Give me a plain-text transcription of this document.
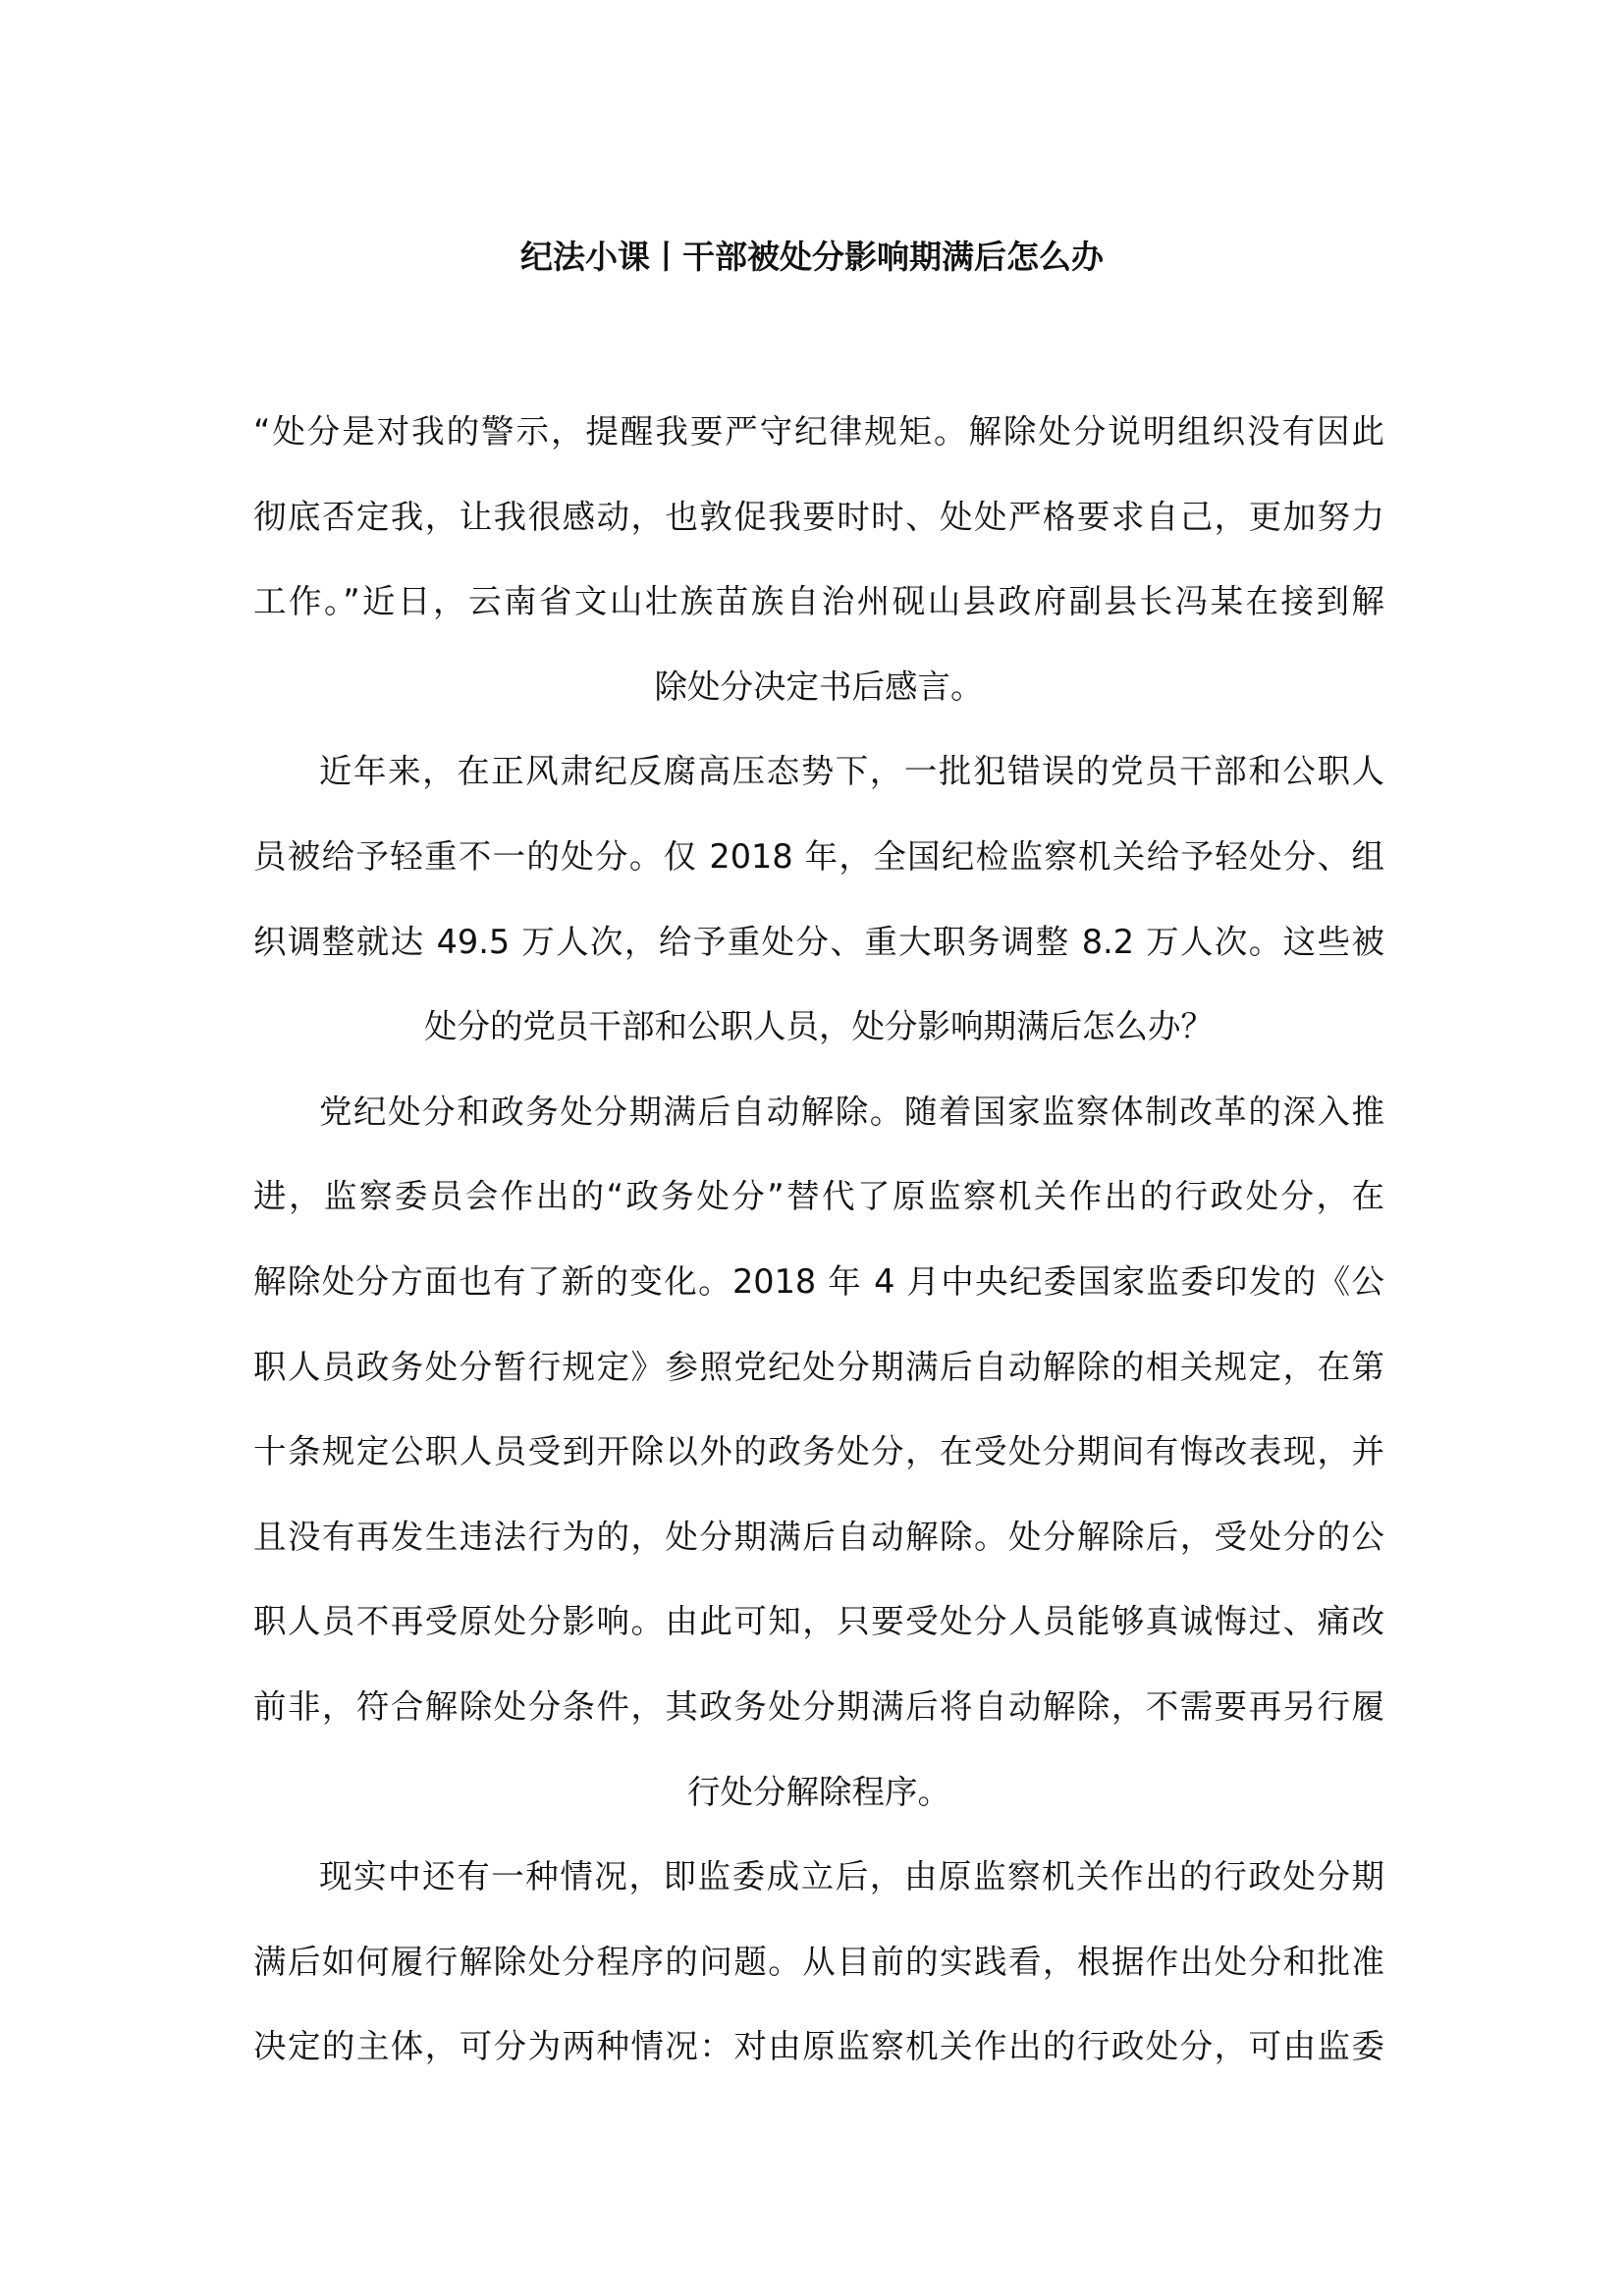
纪法小课丨干部被处分影响期满后怎么办
“处分是对我的警示，提醒我要严守纪律规矩。解除处分说明组织没有因此
彻底否定我，让我很感动，也敦促我要时时、处处严格要求自己，更加努力
工作。”近日，云南省文山壮族苗族自治州砚山县政府副县长冯某在接到解
除处分决定书后感言。
近年来，在正风肃纪反腐高压态势下，一批犯错误的党员干部和公职人
员被给予轻重不一的处分。仅 2018 年，全国纪检监察机关给予轻处分、组
织调整就达 49.5 万人次，给予重处分、重大职务调整 8.2 万人次。这些被
处分的党员干部和公职人员，处分影响期满后怎么办？
党纪处分和政务处分期满后自动解除。随着国家监察体制改革的深入推
进，监察委员会作出的“政务处分”替代了原监察机关作出的行政处分，在
解除处分方面也有了新的变化。2018 年 4 月中央纪委国家监委印发的《公
职人员政务处分暂行规定》参照党纪处分期满后自动解除的相关规定，在第
十条规定公职人员受到开除以外的政务处分，在受处分期间有悔改表现，并
且没有再发生违法行为的，处分期满后自动解除。处分解除后，受处分的公
职人员不再受原处分影响。由此可知，只要受处分人员能够真诚悔过、痛改
前非，符合解除处分条件，其政务处分期满后将自动解除，不需要再另行履
行处分解除程序。
现实中还有一种情况，即监委成立后，由原监察机关作出的行政处分期
满后如何履行解除处分程序的问题。从目前的实践看，根据作出处分和批准
决定的主体，可分为两种情况：对由原监察机关作出的行政处分，可由监委
